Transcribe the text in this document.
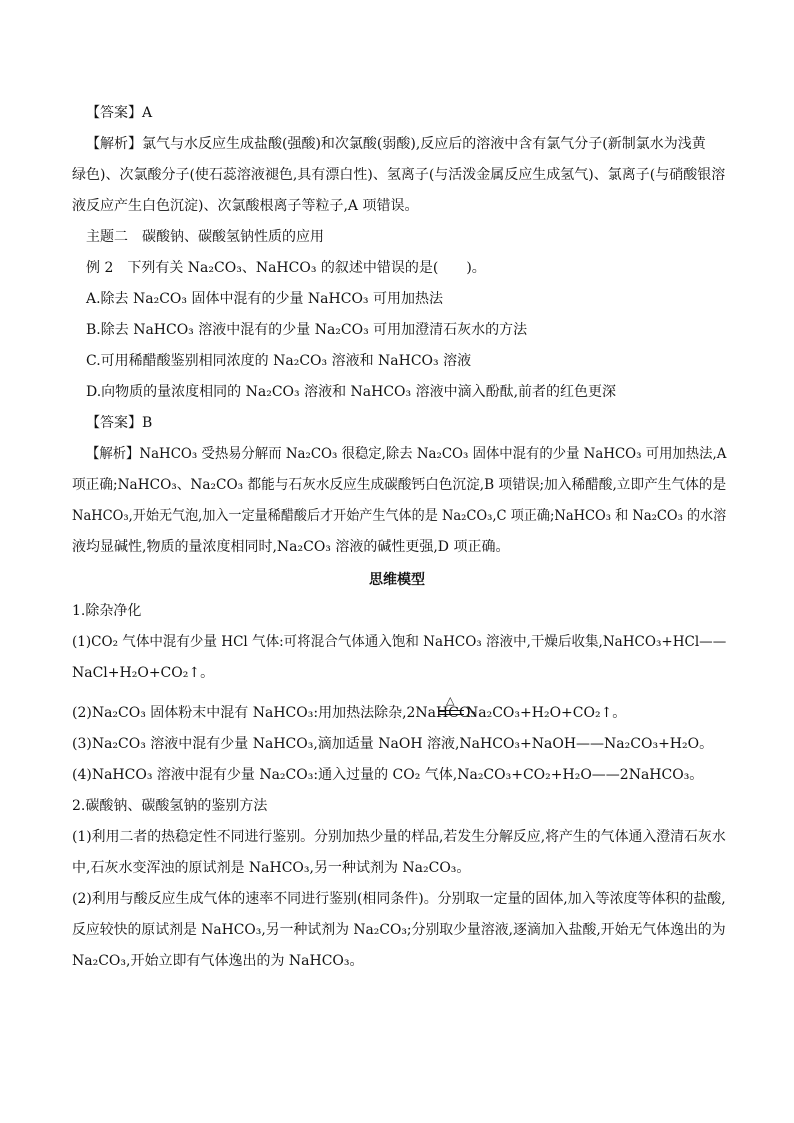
【答案】A
【解析】氯气与水反应生成盐酸(强酸)和次氯酸(弱酸),反应后的溶液中含有氯气分子(新制氯水为浅黄
绿色)、次氯酸分子(使石蕊溶液褪色,具有漂白性)、氢离子(与活泼金属反应生成氢气)、氯离子(与硝酸银溶
液反应产生白色沉淀)、次氯酸根离子等粒子,A 项错误。
主题二　碳酸钠、碳酸氢钠性质的应用
例 2　下列有关 Na₂CO₃、NaHCO₃ 的叙述中错误的是(　　)。
A.除去 Na₂CO₃ 固体中混有的少量 NaHCO₃ 可用加热法
B.除去 NaHCO₃ 溶液中混有的少量 Na₂CO₃ 可用加澄清石灰水的方法
C.可用稀醋酸鉴别相同浓度的 Na₂CO₃ 溶液和 NaHCO₃ 溶液
D.向物质的量浓度相同的 Na₂CO₃ 溶液和 NaHCO₃ 溶液中滴入酚酞,前者的红色更深
【答案】B
【解析】NaHCO₃ 受热易分解而 Na₂CO₃ 很稳定,除去 Na₂CO₃ 固体中混有的少量 NaHCO₃ 可用加热法,A
项正确;NaHCO₃、Na₂CO₃ 都能与石灰水反应生成碳酸钙白色沉淀,B 项错误;加入稀醋酸,立即产生气体的是
NaHCO₃,开始无气泡,加入一定量稀醋酸后才开始产生气体的是 Na₂CO₃,C 项正确;NaHCO₃ 和 Na₂CO₃ 的水溶
液均显碱性,物质的量浓度相同时,Na₂CO₃ 溶液的碱性更强,D 项正确。
思维模型
1.除杂净化
(1)CO₂ 气体中混有少量 HCl 气体:可将混合气体通入饱和 NaHCO₃ 溶液中,干燥后收集,NaHCO₃+HCl——
NaCl+H₂O+CO₂↑。
(2)Na₂CO₃ 固体粉末中混有 NaHCO₃:用加热法除杂,2NaHCO₃
△
Na₂CO₃+H₂O+CO₂↑。
(3)Na₂CO₃ 溶液中混有少量 NaHCO₃,滴加适量 NaOH 溶液,NaHCO₃+NaOH——Na₂CO₃+H₂O。
(4)NaHCO₃ 溶液中混有少量 Na₂CO₃:通入过量的 CO₂ 气体,Na₂CO₃+CO₂+H₂O——2NaHCO₃。
2.碳酸钠、碳酸氢钠的鉴别方法
(1)利用二者的热稳定性不同进行鉴别。分别加热少量的样品,若发生分解反应,将产生的气体通入澄清石灰水
中,石灰水变浑浊的原试剂是 NaHCO₃,另一种试剂为 Na₂CO₃。
(2)利用与酸反应生成气体的速率不同进行鉴别(相同条件)。分别取一定量的固体,加入等浓度等体积的盐酸,
反应较快的原试剂是 NaHCO₃,另一种试剂为 Na₂CO₃;分别取少量溶液,逐滴加入盐酸,开始无气体逸出的为
Na₂CO₃,开始立即有气体逸出的为 NaHCO₃。
